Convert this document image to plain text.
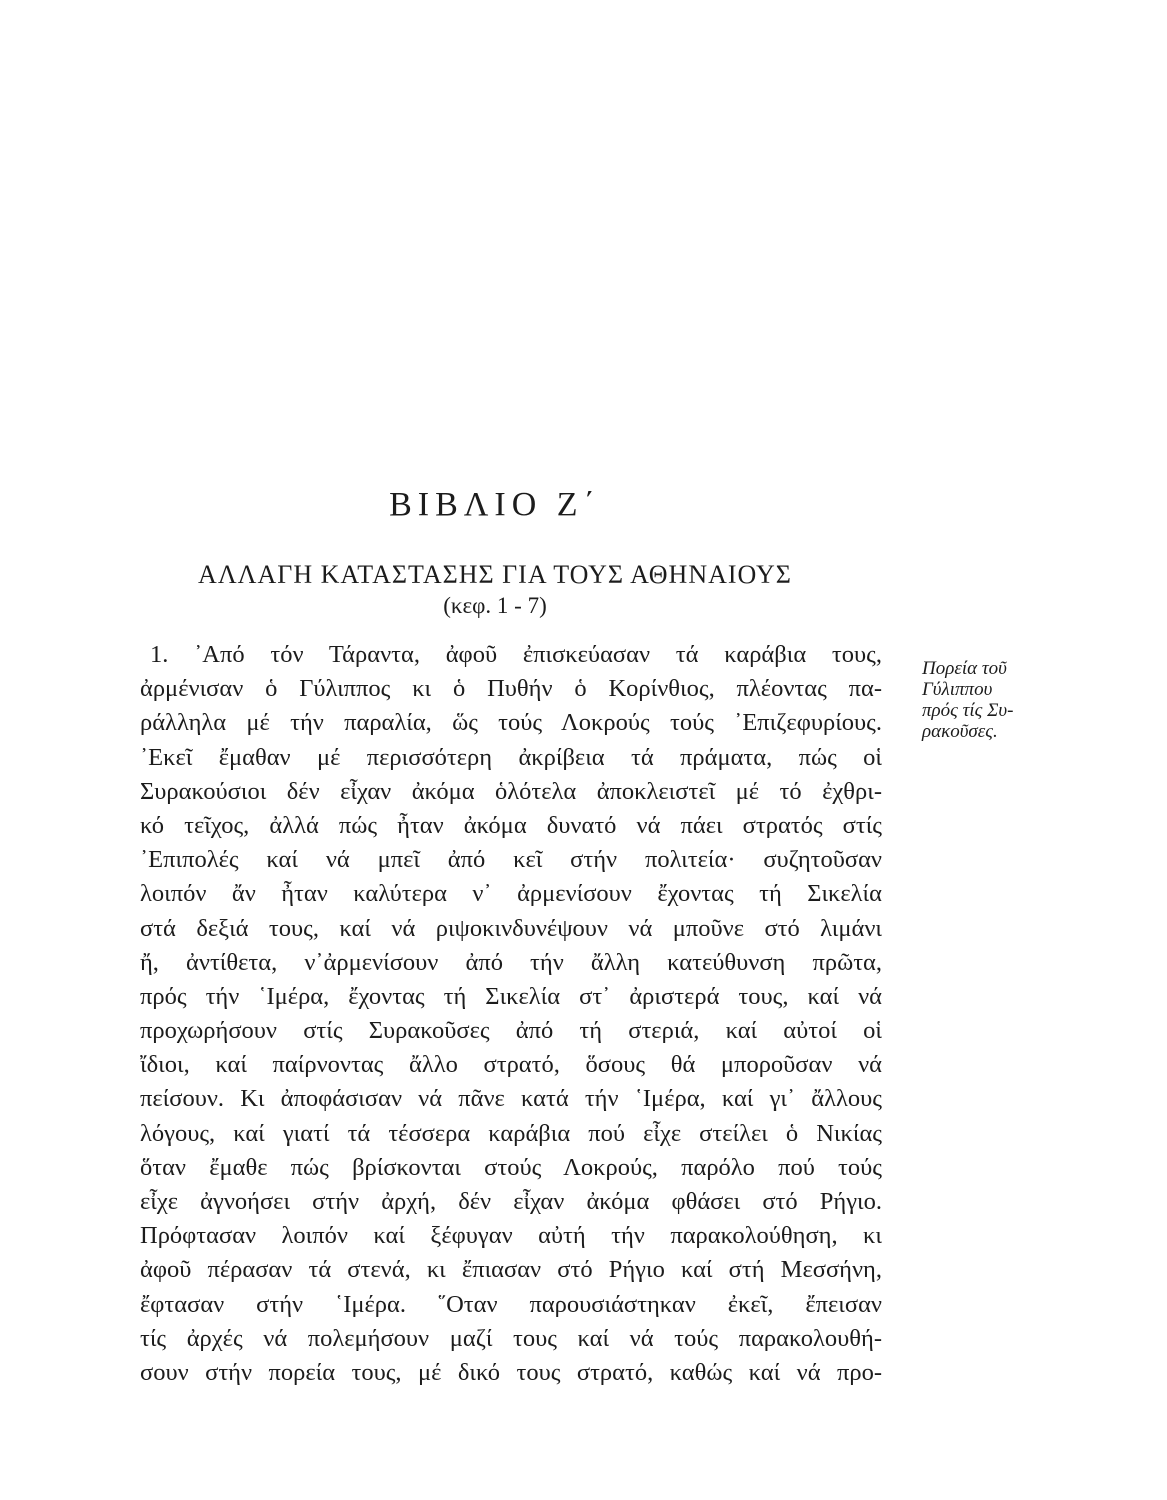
ΒΙΒΛΙΟ Ζ΄
ΑΛΛΑΓΗ ΚΑΤΑΣΤΑΣΗΣ ΓΙΑ ΤΟΥΣ ΑΘΗΝΑΙΟΥΣ
(κεφ. 1 - 7)
1. ᾿Από τόν Τάραντα, ἀφοῦ ἐπισκεύασαν τά καράβια τους,
ἀρμένισαν ὁ Γύλιππος κι ὁ Πυθήν ὁ Κορίνθιος, πλέοντας πα-
ράλληλα μέ τήν παραλία, ὥς τούς Λοκρούς τούς ᾿Επιζεφυρίους.
᾿Εκεῖ ἔμαθαν μέ περισσότερη ἀκρίβεια τά πράματα, πώς οἱ
Συρακούσιοι δέν εἶχαν ἀκόμα ὁλότελα ἀποκλειστεῖ μέ τό ἐχθρι-
κό τεῖχος, ἀλλά πώς ἦταν ἀκόμα δυνατό νά πάει στρατός στίς
᾿Επιπολές καί νά μπεῖ ἀπό κεῖ στήν πολιτεία· συζητοῦσαν
λοιπόν ἄν ἦταν καλύτερα ν᾿ ἀρμενίσουν ἔχοντας τή Σικελία
στά δεξιά τους, καί νά ριψοκινδυνέψουν νά μποῦνε στό λιμάνι
ἤ, ἀντίθετα, ν᾿ἀρμενίσουν ἀπό τήν ἄλλη κατεύθυνση πρῶτα,
πρός τήν ῾Ιμέρα, ἔχοντας τή Σικελία στ᾿ ἀριστερά τους, καί νά
προχωρήσουν στίς Συρακοῦσες ἀπό τή στεριά, καί αὐτοί οἱ
ἴδιοι, καί παίρνοντας ἄλλο στρατό, ὅσους θά μποροῦσαν νά
πείσουν. Κι ἀποφάσισαν νά πᾶνε κατά τήν ῾Ιμέρα, καί γι᾿ ἄλλους
λόγους, καί γιατί τά τέσσερα καράβια πού εἶχε στείλει ὁ Νικίας
ὅταν ἔμαθε πώς βρίσκονται στούς Λοκρούς, παρόλο πού τούς
εἶχε ἀγνοήσει στήν ἀρχή, δέν εἶχαν ἀκόμα φθάσει στό Ρήγιο.
Πρόφτασαν λοιπόν καί ξέφυγαν αὐτή τήν παρακολούθηση, κι
ἀφοῦ πέρασαν τά στενά, κι ἔπιασαν στό Ρήγιο καί στή Μεσσήνη,
ἔφτασαν στήν ῾Ιμέρα. ῞Οταν παρουσιάστηκαν ἐκεῖ, ἔπεισαν
τίς ἀρχές νά πολεμήσουν μαζί τους καί νά τούς παρακολουθή-
σουν στήν πορεία τους, μέ δικό τους στρατό, καθώς καί νά προ-
Πορεία τοῦ
Γύλιππου
πρός τίς Συ-
ρακοῦσες.
